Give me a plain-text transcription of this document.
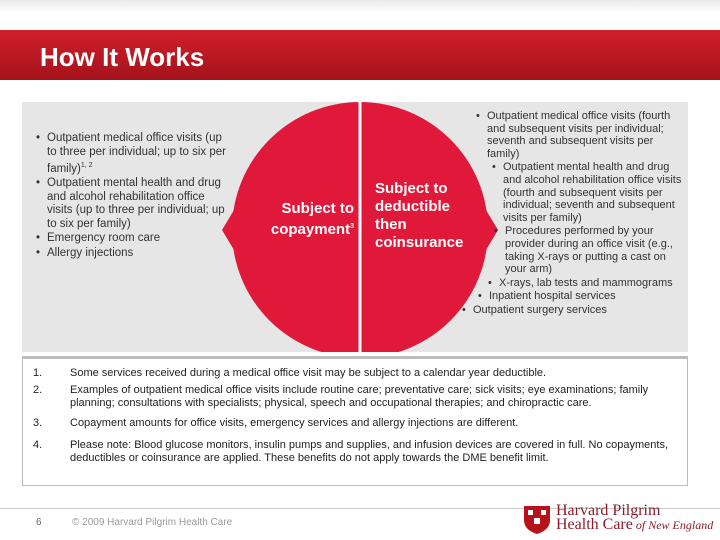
How It Works
Subject to
copayment$^3$
Subject to
deductible
then
coinsurance
• Outpatient medical office visits (up to three per individual; up to six per family)$^{1, 2}$
• Outpatient mental health and drug and alcohol rehabilitation office visits (up to three per individual; up to six per family)
• Emergency room care
• Allergy injections
• Outpatient medical office visits (fourth and subsequent visits per individual; seventh and subsequent visits per family)
• Outpatient mental health and drug and alcohol rehabilitation office visits (fourth and subsequent visits per individual; seventh and subsequent visits per family)
• Procedures performed by your provider during an office visit (e.g., taking X-rays or putting a cast on your arm)
• X-rays, lab tests and mammograms
• Inpatient hospital services
• Outpatient surgery services
1.	Some services received during a medical office visit may be subject to a calendar year deductible.
2.	Examples of outpatient medical office visits include routine care; preventative care; sick visits; eye examinations; family planning; consultations with specialists; physical, speech and occupational therapies; and chiropractic care.
3.	Copayment amounts for office visits, emergency services and allergy injections are different.
4.	Please note: Blood glucose monitors, insulin pumps and supplies, and infusion devices are covered in full. No copayments, deductibles or coinsurance are applied. These benefits do not apply towards the DME benefit limit.
6	© 2009 Harvard Pilgrim Health Care
Harvard Pilgrim
Health Care of New England
